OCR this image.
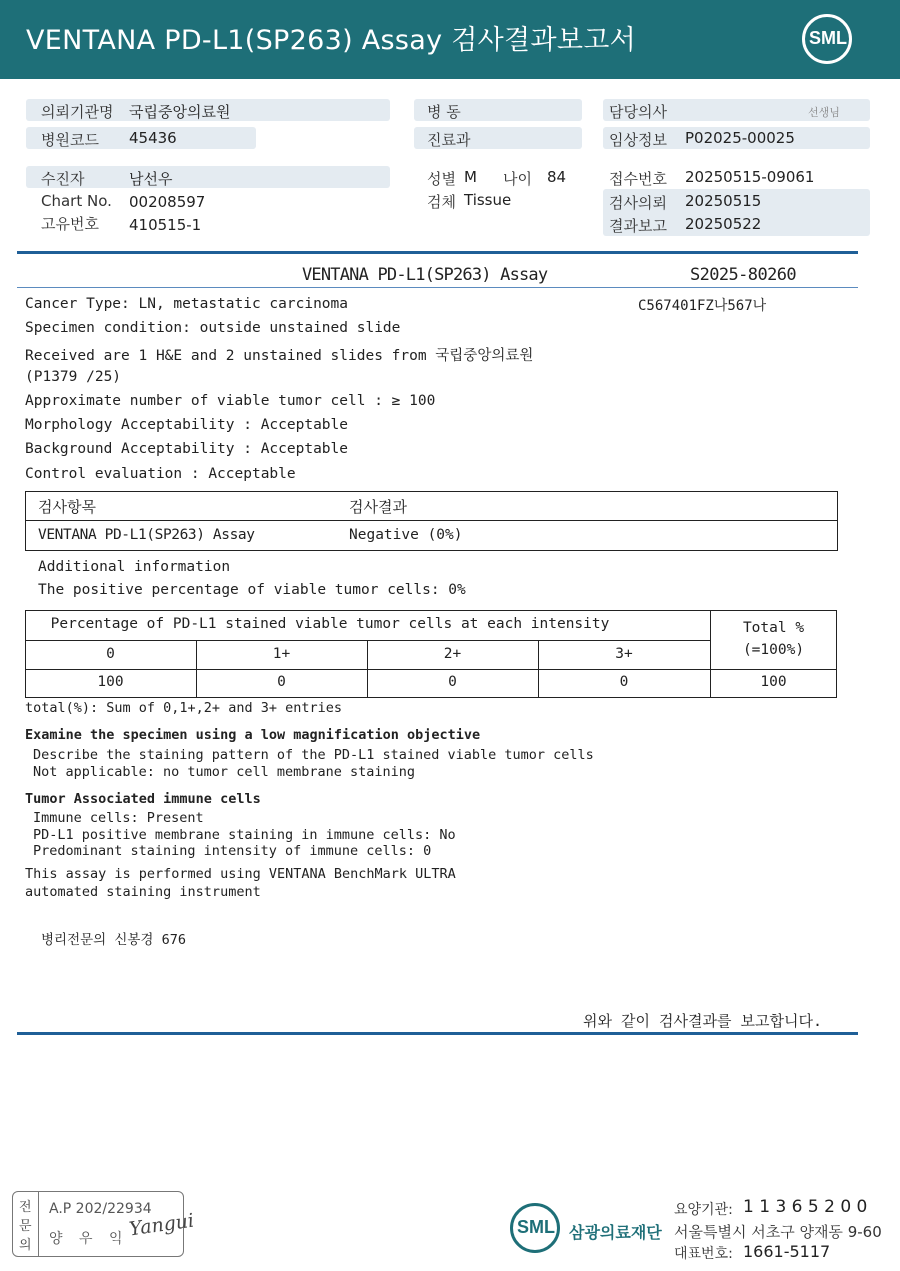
VENTANA PD-L1(SP263) Assay 검사결과보고서	SML
의뢰기관명 국립중앙의료원
병원코드 45436
병 동
진료과
담당의사	선생님
임상정보 P02025-00025
수진자	남선우
Chart No. 00208597
고유번호 410515-1
성별 M 나이 84
검체 Tissue
접수번호 20250515-09061
검사의뢰 20250515
결과보고 20250522
VENTANA PD-L1(SP263) Assay	S2025-80260
C567401FZ나567나
Cancer Type: LN, metastatic carcinoma
Specimen condition: outside unstained slide
Received are 1 H&E and 2 unstained slides from 국립중앙의료원
(P1379 /25)
Approximate number of viable tumor cell : ≥ 100
Morphology Acceptability : Acceptable
Background Acceptability : Acceptable
Control evaluation : Acceptable
검사항목	검사결과
VENTANA PD-L1(SP263) Assay	Negative (0%)
Additional information
The positive percentage of viable tumor cells: 0%
Percentage of PD-L1 stained viable tumor cells at each intensity	Total %
(=100%)
0	1+	2+	3+
100	0	0	0	100
total(%): Sum of 0,1+,2+ and 3+ entries
Examine the specimen using a low magnification objective
Describe the staining pattern of the PD-L1 stained viable tumor cells
Not applicable: no tumor cell membrane staining
Tumor Associated immune cells
Immune cells: Present
PD-L1 positive membrane staining in immune cells: No
Predominant staining intensity of immune cells: 0
This assay is performed using VENTANA BenchMark ULTRA
automated staining instrument
병리전문의 신봉경 676
위와 같이 검사결과를 보고합니다.
전
문
의
A.P 202/22934
양 우 익 Yangui	SML 삼광의료재단
요양기관: 1 1 3 6 5 2 0 0
서울특별시 서초구 양재동 9-60
대표번호: 1661-5117
